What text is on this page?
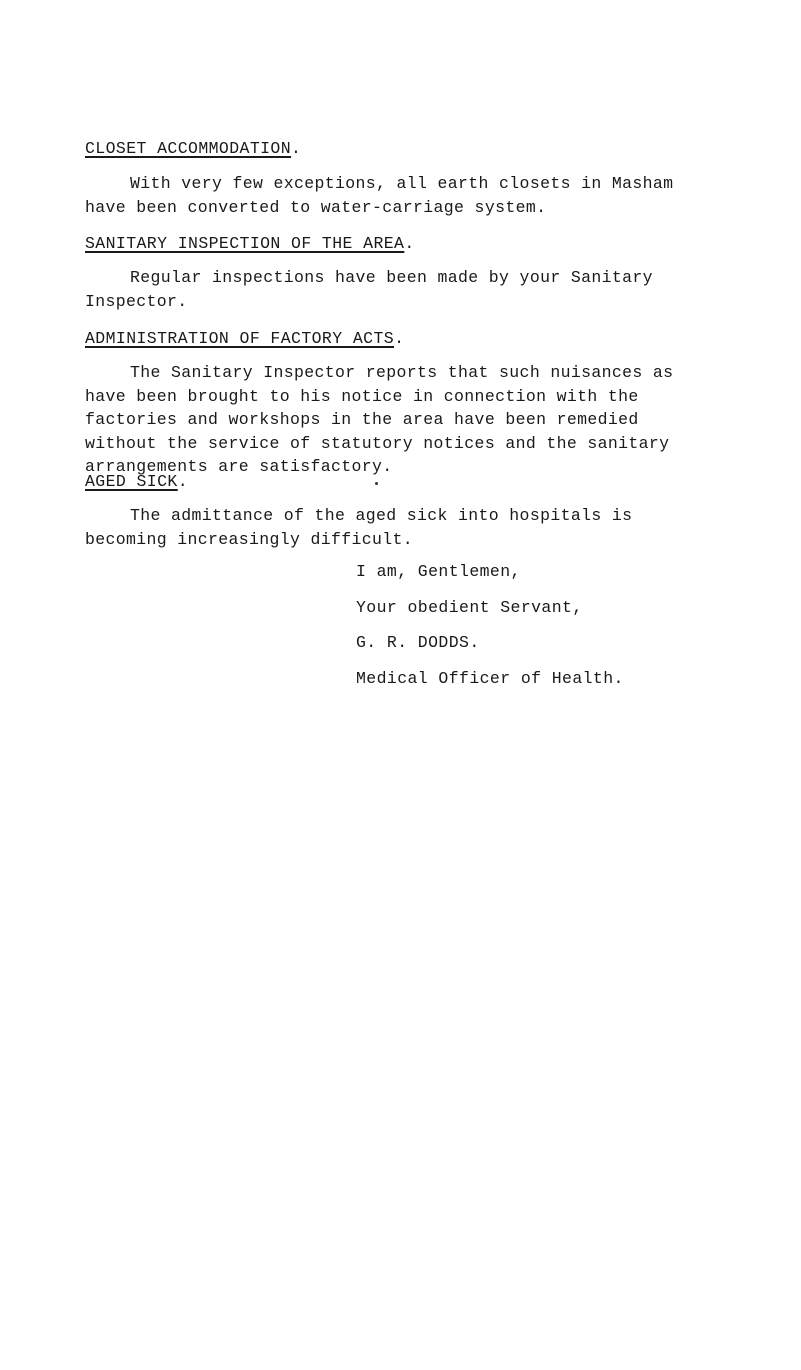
CLOSET ACCOMMODATION.
With very few exceptions, all earth closets in Masham
have been converted to water-carriage system.
SANITARY INSPECTION OF THE AREA.
Regular inspections have been made by your Sanitary
Inspector.
ADMINISTRATION OF FACTORY ACTS.
The Sanitary Inspector reports that such nuisances as
have been brought to his notice in connection with the
factories and workshops in the area have been remedied
without the service of statutory notices and the sanitary
arrangements are satisfactory.
AGED SICK.
The admittance of the aged sick into hospitals is
becoming increasingly difficult.

I am, Gentlemen,

Your obedient Servant,

G. R. DODDS.

Medical Officer of Health.
